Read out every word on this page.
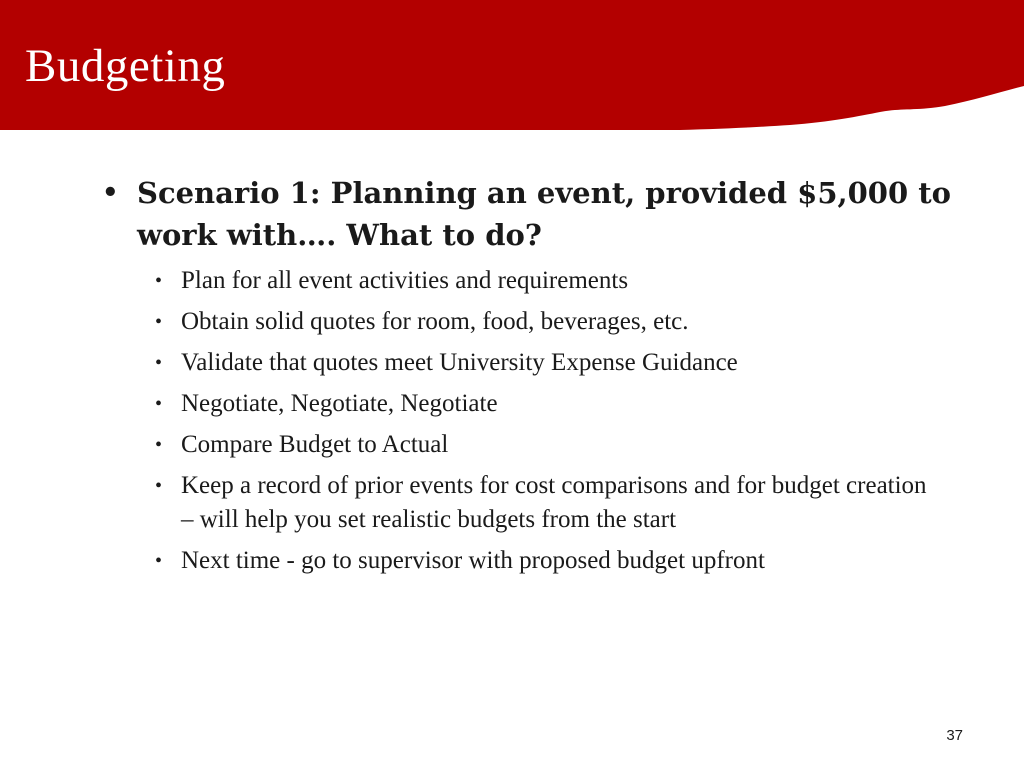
Budgeting

• Scenario 1: Planning an event, provided $5,000 to work with…. What to do?

• Plan for all event activities and requirements
• Obtain solid quotes for room, food, beverages, etc.
• Validate that quotes meet University Expense Guidance
• Negotiate, Negotiate, Negotiate
• Compare Budget to Actual
• Keep a record of prior events for cost comparisons and for budget creation – will help you set realistic budgets from the start
• Next time - go to supervisor with proposed budget upfront
37
